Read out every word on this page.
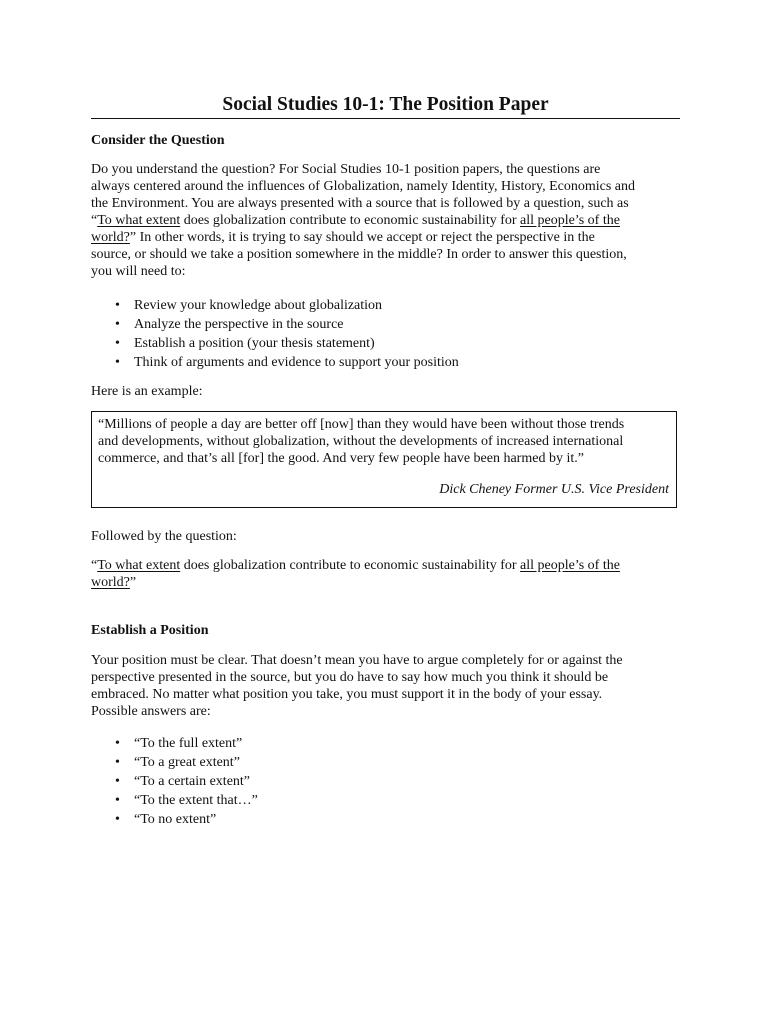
Social Studies 10-1: The Position Paper
Consider the Question
Do you understand the question? For Social Studies 10-1 position papers, the questions are
always centered around the influences of Globalization, namely Identity, History, Economics and
the Environment. You are always presented with a source that is followed by a question, such as
“To what extent does globalization contribute to economic sustainability for all people’s of the
world?” In other words, it is trying to say should we accept or reject the perspective in the
source, or should we take a position somewhere in the middle? In order to answer this question,
you will need to:
• Review your knowledge about globalization
• Analyze the perspective in the source
• Establish a position (your thesis statement)
• Think of arguments and evidence to support your position

Here is an example:

“Millions of people a day are better off [now] than they would have been without those trends
and developments, without globalization, without the developments of increased international
commerce, and that’s all [for] the good. And very few people have been harmed by it.”
Dick Cheney Former U.S. Vice President

Followed by the question:

“To what extent does globalization contribute to economic sustainability for all people’s of the
world?”
Establish a Position
Your position must be clear. That doesn’t mean you have to argue completely for or against the
perspective presented in the source, but you do have to say how much you think it should be
embraced. No matter what position you take, you must support it in the body of your essay.
Possible answers are:
• “To the full extent”
• “To a great extent”
• “To a certain extent”
• “To the extent that…”
• “To no extent”
